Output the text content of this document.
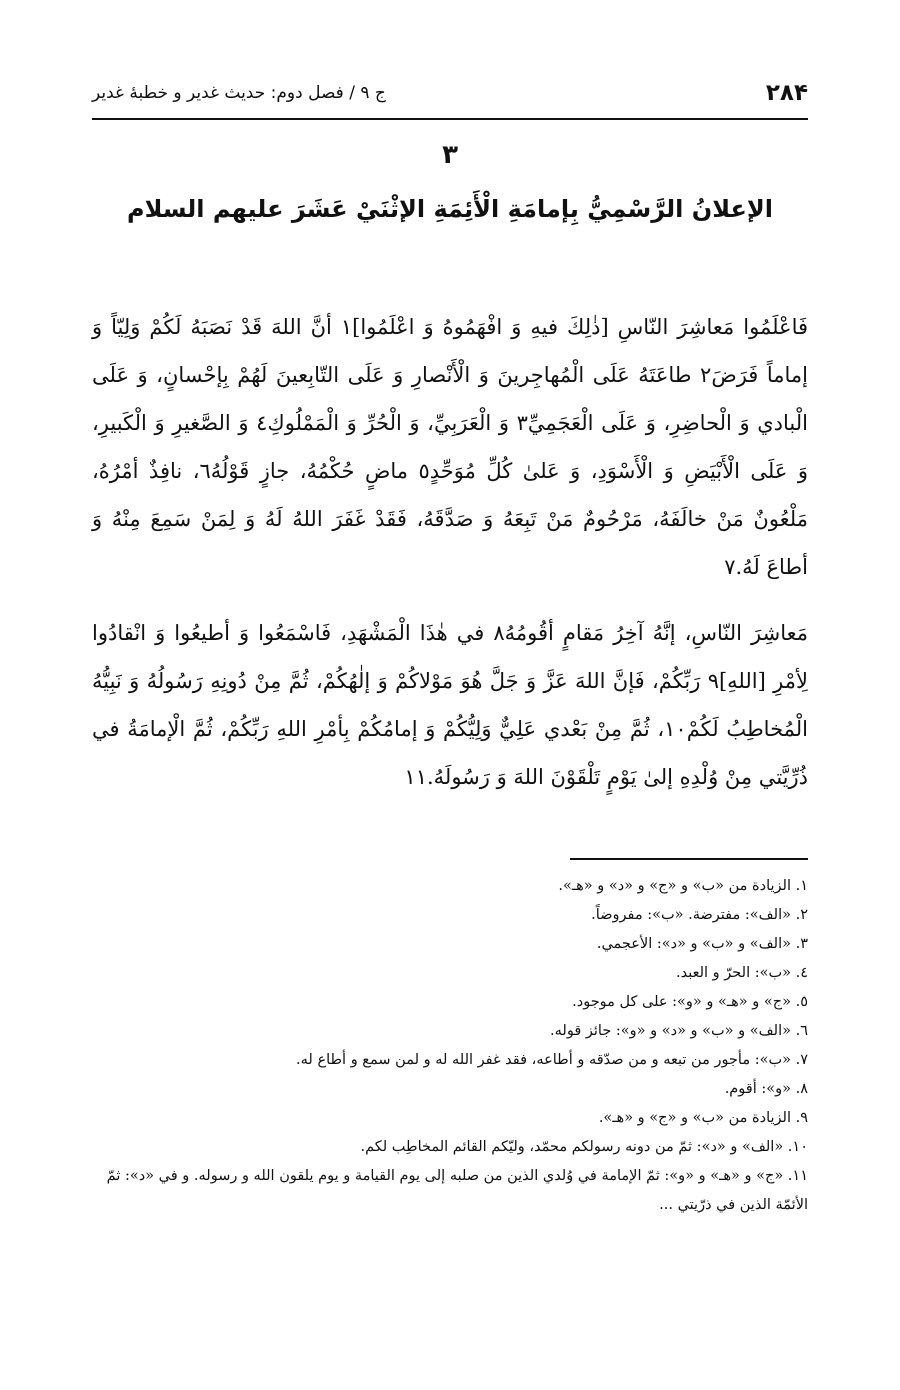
۲۸۴
ج ۹ / فصل دوم: حديث غدير و خطبهٔ غدير
۳
الإعلانُ الرَّسْمِيُّ بِإمامَةِ الْأَئِمَةِ الإثْنَيْ عَشَرَ عليهم السلام

فَاعْلَمُوا مَعاشِرَ النّاسِ [ذٰلِكَ فيهِ وَ افْهَمُوهُ وَ اعْلَمُوا]١ أنَّ اللهَ قَدْ نَصَبَهُ لَكُمْ وَلِيّاً وَ إماماً فَرَضَ٢ طاعَتَهُ عَلَى الْمُهاجِرينَ وَ الْأَنْصارِ وَ عَلَى التّابِعينَ لَهُمْ بِإحْسانٍ، وَ عَلَى الْبادي وَ الْحاضِرِ، وَ عَلَى الْعَجَمِيِّ٣ وَ الْعَرَبِيِّ، وَ الْحُرِّ وَ الْمَمْلُوكِ٤ وَ الصَّغيرِ وَ الْكَبيرِ، وَ عَلَى الْأَبْيَضِ وَ الْأَسْوَدِ، وَ عَلىٰ كُلِّ مُوَحِّدٍ٥ ماضٍ حُكْمُهُ، جازٍ قَوْلُهُ٦، نافِذٌ أمْرُهُ، مَلْعُونٌ مَنْ خالَفَهُ، مَرْحُومٌ مَنْ تَبِعَهُ وَ صَدَّقَهُ، فَقَدْ غَفَرَ اللهُ لَهُ وَ لِمَنْ سَمِعَ مِنْهُ وَ أطاعَ لَهُ.٧

مَعاشِرَ النّاسِ، إنَّهُ آخِرُ مَقامٍ أقُومُهُ٨ في هٰذَا الْمَشْهَدِ، فَاسْمَعُوا وَ أطيعُوا وَ انْقادُوا لِأمْرِ [اللهِ]٩ رَبِّكُمْ، فَإنَّ اللهَ عَزَّ وَ جَلَّ هُوَ مَوْلاكُمْ وَ إلٰهُكُمْ، ثُمَّ مِنْ دُونِهِ رَسُولُهُ وَ نَبِيُّهُ الْمُخاطِبُ لَكُمْ١٠، ثُمَّ مِنْ بَعْدي عَلِيٌّ وَلِيُّكُمْ وَ إمامُكُمْ بِأمْرِ اللهِ رَبِّكُمْ، ثُمَّ الْإمامَةُ في ذُرِّيَّتي مِنْ وُلْدِهِ إلىٰ يَوْمٍ تَلْقَوْنَ اللهَ وَ رَسُولَهُ.١١

١. الزيادة من «ب» و «ج» و «د» و «هـ».

٢. «الف»: مفترضة. «ب»: مفروضاً.

٣. «الف» و «ب» و «د»: الأعجمي.

٤. «ب»: الحرّ و العبد.

٥. «ج» و «هـ» و «و»: على كل موجود.

٦. «الف» و «ب» و «د» و «و»: جائز قوله.

٧. «ب»: مأجور من تبعه و من صدّقه و أطاعه، فقد غفر الله له و لمن سمع و أطاع له.

٨. «و»: أقوم.

٩. الزيادة من «ب» و «ج» و «هـ».

١٠. «الف» و «د»: ثمّ من دونه رسولكم محمّد، وليّكم القائم المخاطِب لكم.

١١. «ج» و «هـ» و «و»: ثمّ الإمامة في وُلدي الذين من صلبه إلى يوم القيامة و يوم يلقون الله و رسوله. و في «د»: ثمّ الأئمّة الذين في ذرّيتي ...
